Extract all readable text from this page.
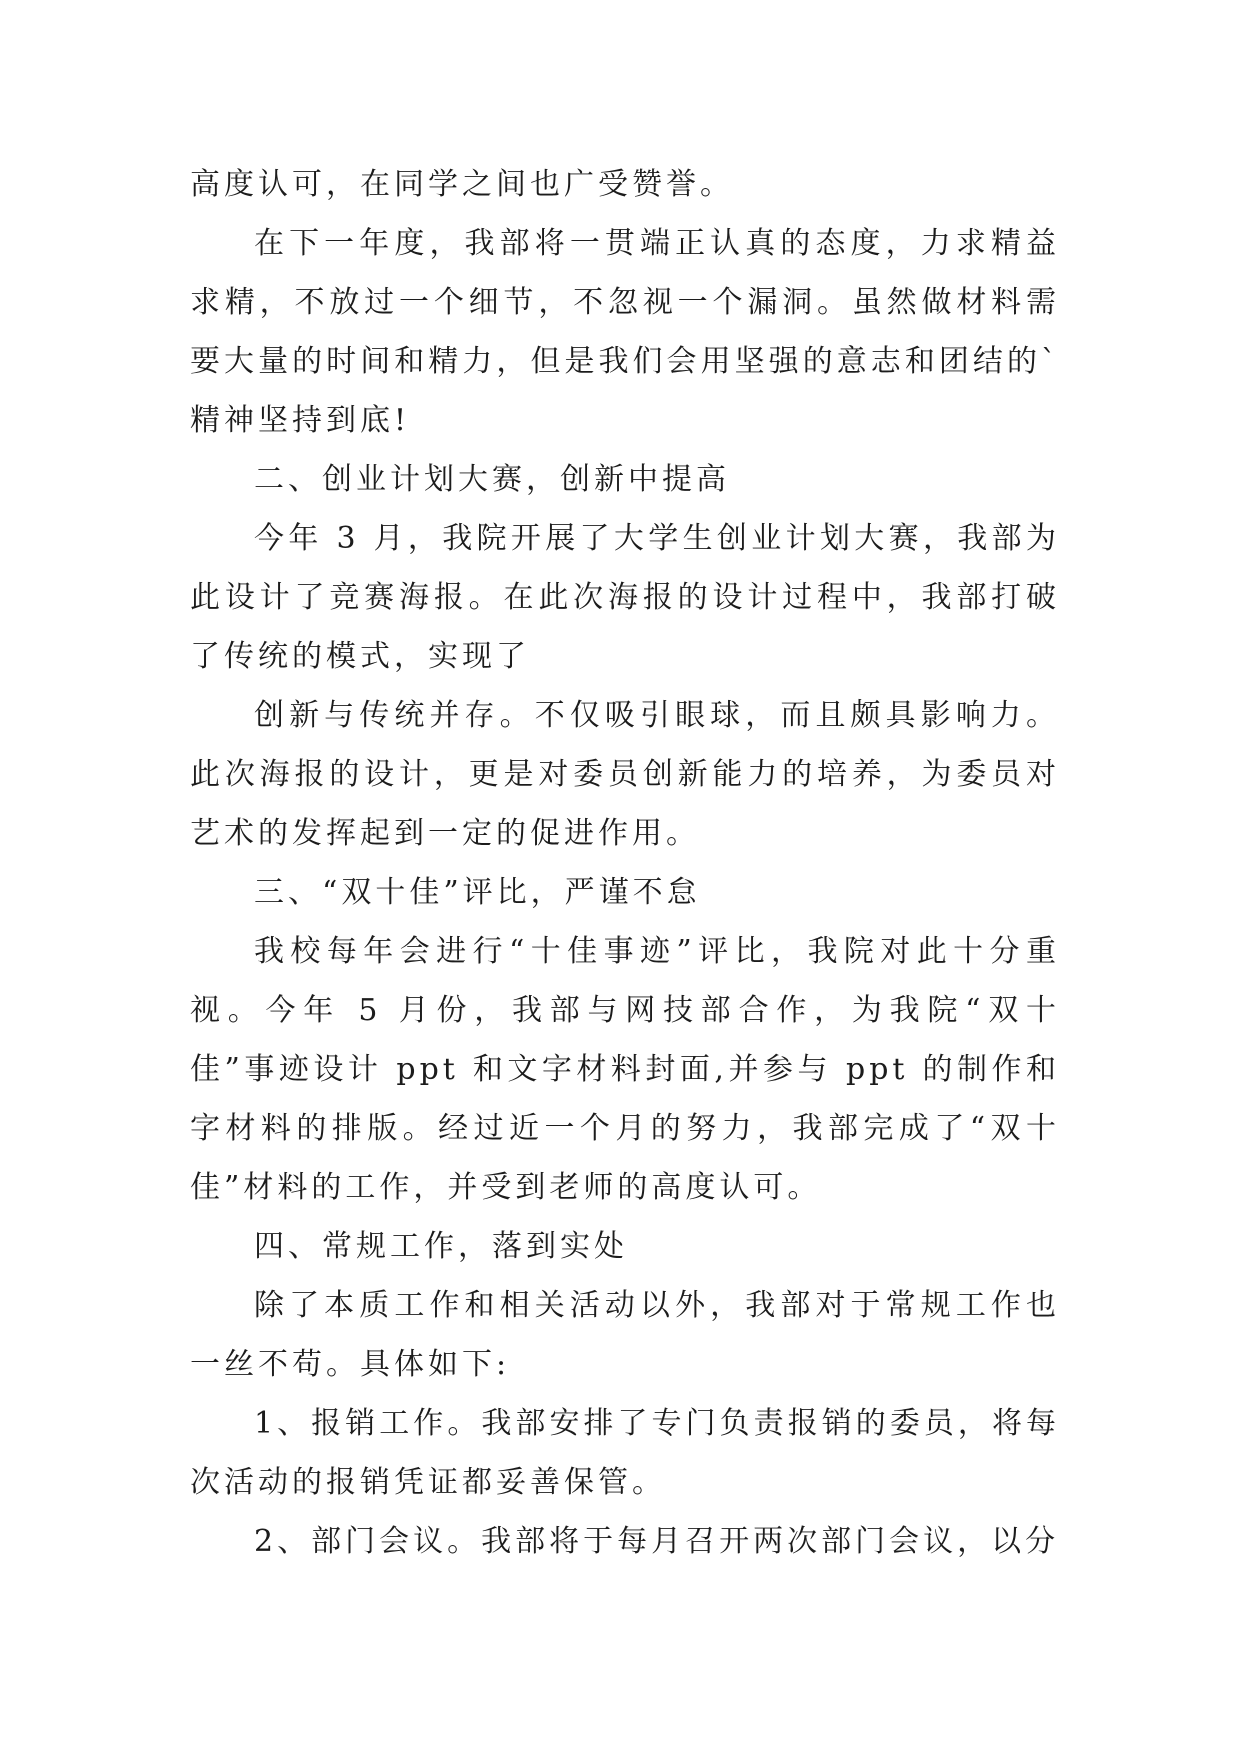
高度认可，在同学之间也广受赞誉。

在下一年度，我部将一贯端正认真的态度，力求精益求精，不放过一个细节，不忽视一个漏洞。虽然做材料需要大量的时间和精力，但是我们会用坚强的意志和团结的`精神坚持到底!

二、创业计划大赛，创新中提高

今年 3 月，我院开展了大学生创业计划大赛，我部为此设计了竞赛海报。在此次海报的设计过程中，我部打破了传统的模式，实现了

创新与传统并存。不仅吸引眼球，而且颇具影响力。此次海报的设计，更是对委员创新能力的培养，为委员对艺术的发挥起到一定的促进作用。

三、“双十佳”评比，严谨不怠

我校每年会进行“十佳事迹”评比，我院对此十分重视。今年 5 月份，我部与网技部合作，为我院“双十佳”事迹设计 ppt 和文字材料封面,并参与 ppt 的制作和字材料的排版。经过近一个月的努力，我部完成了“双十佳”材料的工作，并受到老师的高度认可。

四、常规工作，落到实处

除了本质工作和相关活动以外，我部对于常规工作也一丝不苟。具体如下:

1、报销工作。我部安排了专门负责报销的委员，将每次活动的报销凭证都妥善保管。

2、部门会议。我部将于每月召开两次部门会议，以分
